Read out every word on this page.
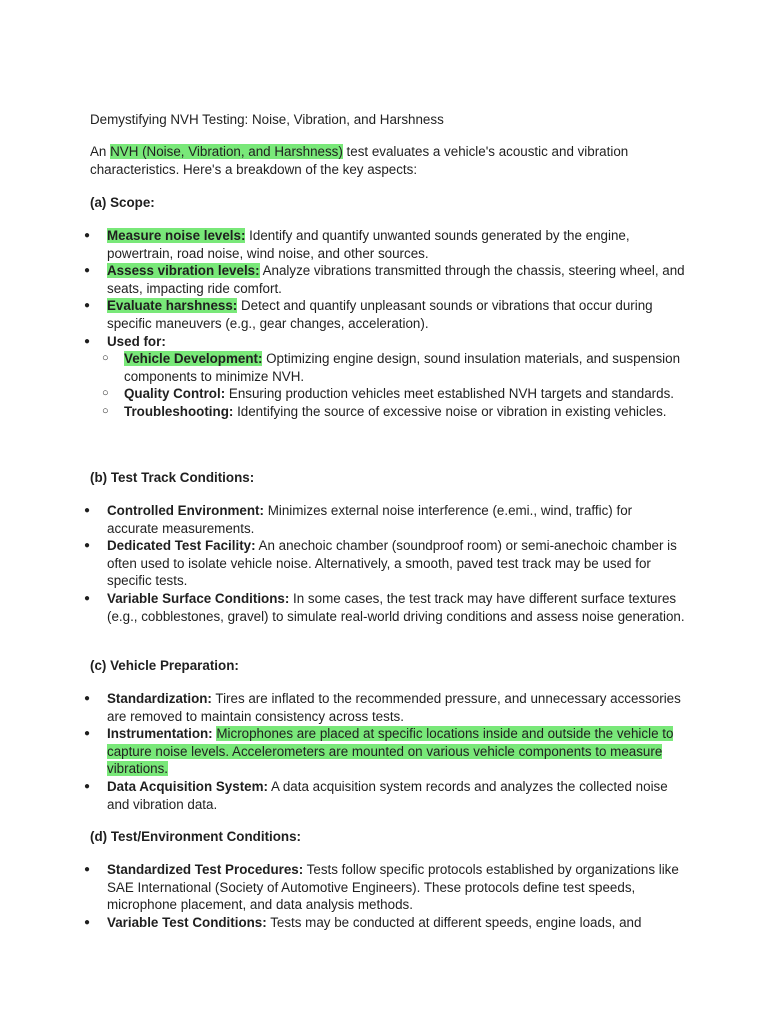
Demystifying NVH Testing: Noise, Vibration, and Harshness
An NVH (Noise, Vibration, and Harshness) test evaluates a vehicle's acoustic and vibration characteristics. Here's a breakdown of the key aspects:
(a) Scope:
● Measure noise levels: Identify and quantify unwanted sounds generated by the engine, powertrain, road noise, wind noise, and other sources.
● Assess vibration levels: Analyze vibrations transmitted through the chassis, steering wheel, and seats, impacting ride comfort.
● Evaluate harshness: Detect and quantify unpleasant sounds or vibrations that occur during specific maneuvers (e.g., gear changes, acceleration).
● Used for:
○ Vehicle Development: Optimizing engine design, sound insulation materials, and suspension components to minimize NVH.
○ Quality Control: Ensuring production vehicles meet established NVH targets and standards.
○ Troubleshooting: Identifying the source of excessive noise or vibration in existing vehicles.
(b) Test Track Conditions:
● Controlled Environment: Minimizes external noise interference (e.emi., wind, traffic) for accurate measurements.
● Dedicated Test Facility: An anechoic chamber (soundproof room) or semi-anechoic chamber is often used to isolate vehicle noise. Alternatively, a smooth, paved test track may be used for specific tests.
● Variable Surface Conditions: In some cases, the test track may have different surface textures (e.g., cobblestones, gravel) to simulate real-world driving conditions and assess noise generation.
(c) Vehicle Preparation:
● Standardization: Tires are inflated to the recommended pressure, and unnecessary accessories are removed to maintain consistency across tests.
● Instrumentation: Microphones are placed at specific locations inside and outside the vehicle to capture noise levels. Accelerometers are mounted on various vehicle components to measure vibrations.
● Data Acquisition System: A data acquisition system records and analyzes the collected noise and vibration data.
(d) Test/Environment Conditions:
● Standardized Test Procedures: Tests follow specific protocols established by organizations like SAE International (Society of Automotive Engineers). These protocols define test speeds, microphone placement, and data analysis methods.
● Variable Test Conditions: Tests may be conducted at different speeds, engine loads, and
